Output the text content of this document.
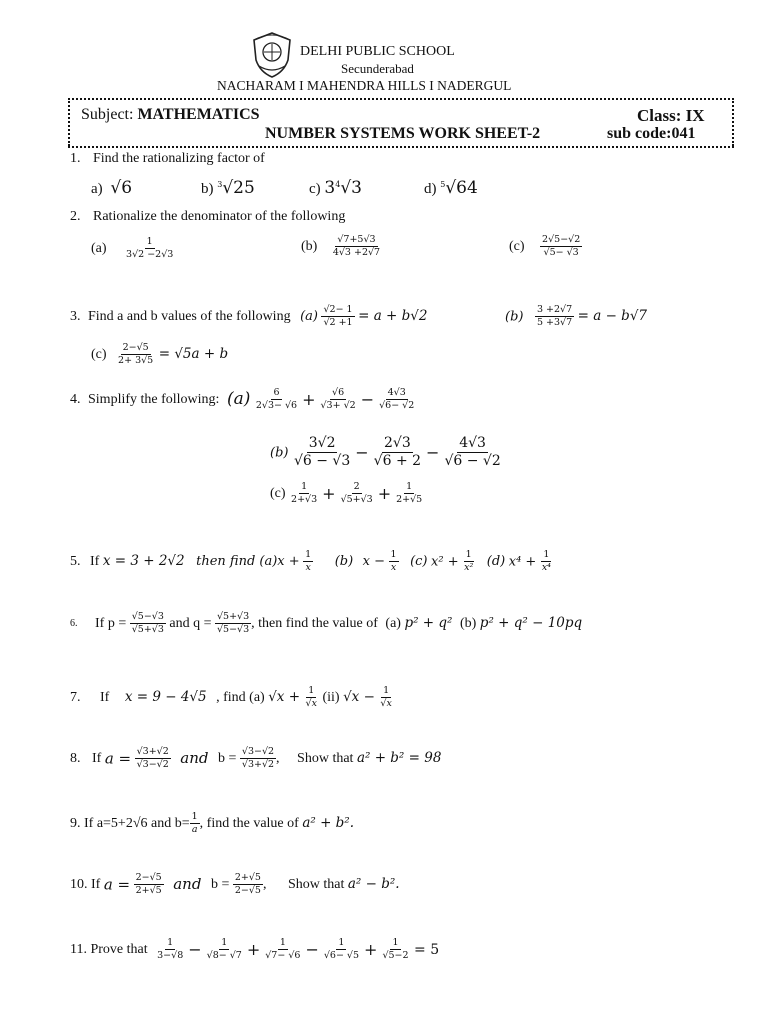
DELHI PUBLIC SCHOOL
Secunderabad
NACHARAM I MAHENDRA HILLS I NADERGUL
Subject: MATHEMATICS	Class: IX
NUMBER SYSTEMS WORK SHEET-2	sub code:041
1. Find the rationalizing factor of
a) √6	b) $^3$√25	c) $3^4√3$	d) $^5$√64
2. Rationalize the denominator of the following
$(a) \frac{1}{3√2 -2√3}$	$(b) \frac{√7+5√3}{4√3 +2√7}$	$(c) \frac{2√5-√2}{√5- √3}$
3. Find a and b values of the following $(a) \frac{√2- 1}{√2 +1} = a + b√2$	$(b) \frac{3 +2√7}{5 +3√7} = a - b√7$
$(c) \frac{2-√5}{2+ 3√5} = √5a + b$
4. Simplify the following: $(a) \frac{6}{2√3- √6} + \frac{√6}{√3+ √2} - \frac{4√3}{√6- √2}$
$(b) \frac{3√2}{√6 - √3} - \frac{2√3}{√6 + 2} - \frac{4√3}{√6 - √2}$
$(c) \frac{1}{2+√3} + \frac{2}{√5+√3} + \frac{1}{2+√5}$
5. If x = 3 + 2√2 then find $(a)x + \frac{1}{x} (b) x - \frac{1}{x} (c) x^2 + \frac{1}{\text{x²}} (d) x^4 + \frac{1}{\text{x⁴}}$
6. If $p = \frac{√5-√3}{√5+√3}$ and $q = \frac{√5+√3}{√5-√3}$ , then find the value of (a) p² + q² (b) p² + q² − 10pq
7. If x = 9 − 4√5 , find (a) $√x + \frac{1}{√x} (ii) √x - \frac{1}{√x}$
8. If $a = \frac{√3+√2}{√3-√2}$ and $b = \frac{√3-√2}{√3+√2}$ , Show that a² + b² = 98
9. If a=5+2√6 and $b= \frac{1}{a}$ , find the value of a² + b².
10. If $a = \frac{2-√5}{2+√5}$ and $b = \frac{2+√5}{2-√5}$ , Show that a² − b².
11. Prove that $\frac{1}{3-√8} - \frac{1}{√8- √7} + \frac{1}{√7- √6} - \frac{1}{√6- √5} + \frac{1}{√5-2} = 5$
